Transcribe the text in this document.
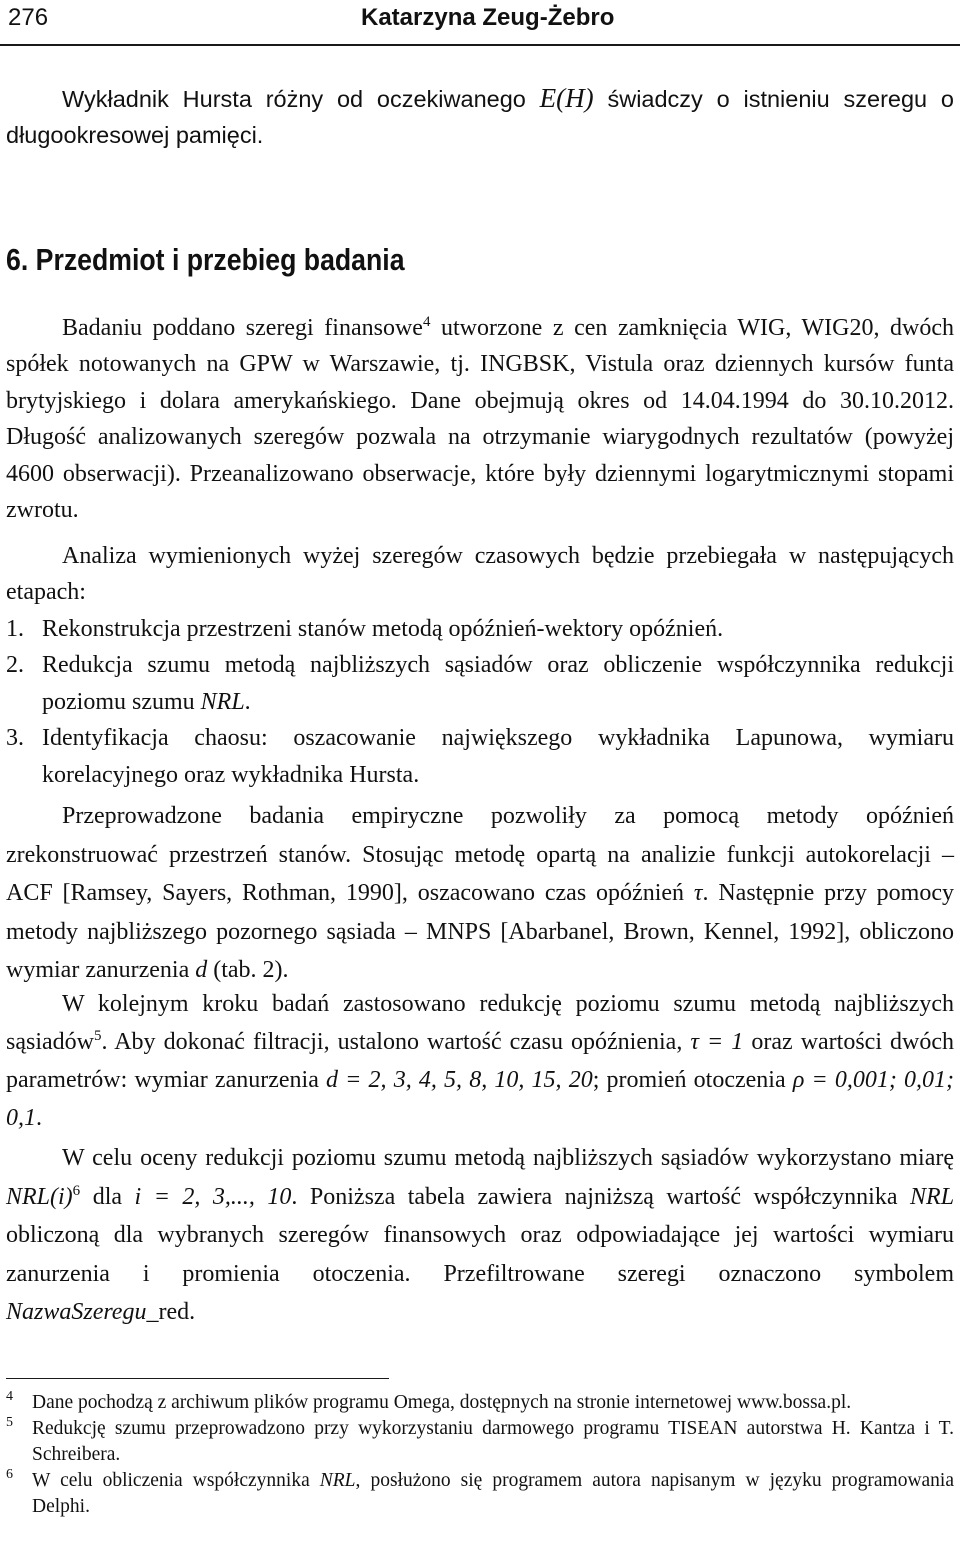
276	Katarzyna Zeug-Żebro

Wykładnik Hursta różny od oczekiwanego E(H) świadczy o istnieniu szeregu o długookresowej pamięci.

6. Przedmiot i przebieg badania

Badaniu poddano szeregi finansowe$^4$ utworzone z cen zamknięcia WIG, WIG20, dwóch spółek notowanych na GPW w Warszawie, tj. INGBSK, Vistula oraz dziennych kursów funta brytyjskiego i dolara amerykańskiego. Dane obejmują okres od 14.04.1994 do 30.10.2012. Długość analizowanych szeregów pozwala na otrzymanie wiarygodnych rezultatów (powyżej 4600 obserwacji). Przeanalizowano obserwacje, które były dziennymi logarytmicznymi stopami zwrotu.

Analiza wymienionych wyżej szeregów czasowych będzie przebiegała w następujących etapach:

1. Rekonstrukcja przestrzeni stanów metodą opóźnień-wektory opóźnień.
2. Redukcja szumu metodą najbliższych sąsiadów oraz obliczenie współczynnika redukcji poziomu szumu NRL.
3. Identyfikacja chaosu: oszacowanie największego wykładnika Lapunowa, wymiaru korelacyjnego oraz wykładnika Hursta.

Przeprowadzone badania empiryczne pozwoliły za pomocą metody opóźnień zrekonstruować przestrzeń stanów. Stosując metodę opartą na analizie funkcji autokorelacji – ACF [Ramsey, Sayers, Rothman, 1990], oszacowano czas opóźnień τ. Następnie przy pomocy metody najbliższego pozornego sąsiada – MNPS [Abarbanel, Brown, Kennel, 1992], obliczono wymiar zanurzenia d (tab. 2).

W kolejnym kroku badań zastosowano redukcję poziomu szumu metodą najbliższych sąsiadów$^5$. Aby dokonać filtracji, ustalono wartość czasu opóźnienia, τ = 1 oraz wartości dwóch parametrów: wymiar zanurzenia d = 2, 3, 4, 5, 8, 10, 15, 20; promień otoczenia ρ = 0,001; 0,01; 0,1.

W celu oceny redukcji poziomu szumu metodą najbliższych sąsiadów wykorzystano miarę $NRL(i)^6$ dla i = 2, 3,..., 10. Poniższa tabela zawiera najniższą wartość współczynnika NRL obliczoną dla wybranych szeregów finansowych oraz odpowiadające jej wartości wymiaru zanurzenia i promienia otoczenia. Przefiltrowane szeregi oznaczono symbolem NazwaSzeregu_red.

4 Dane pochodzą z archiwum plików programu Omega, dostępnych na stronie internetowej www.bossa.pl.

5 Redukcję szumu przeprowadzono przy wykorzystaniu darmowego programu TISEAN autorstwa H. Kantza i T. Schreibera.

6 W celu obliczenia współczynnika NRL, posłużono się programem autora napisanym w języku programowania Delphi.
